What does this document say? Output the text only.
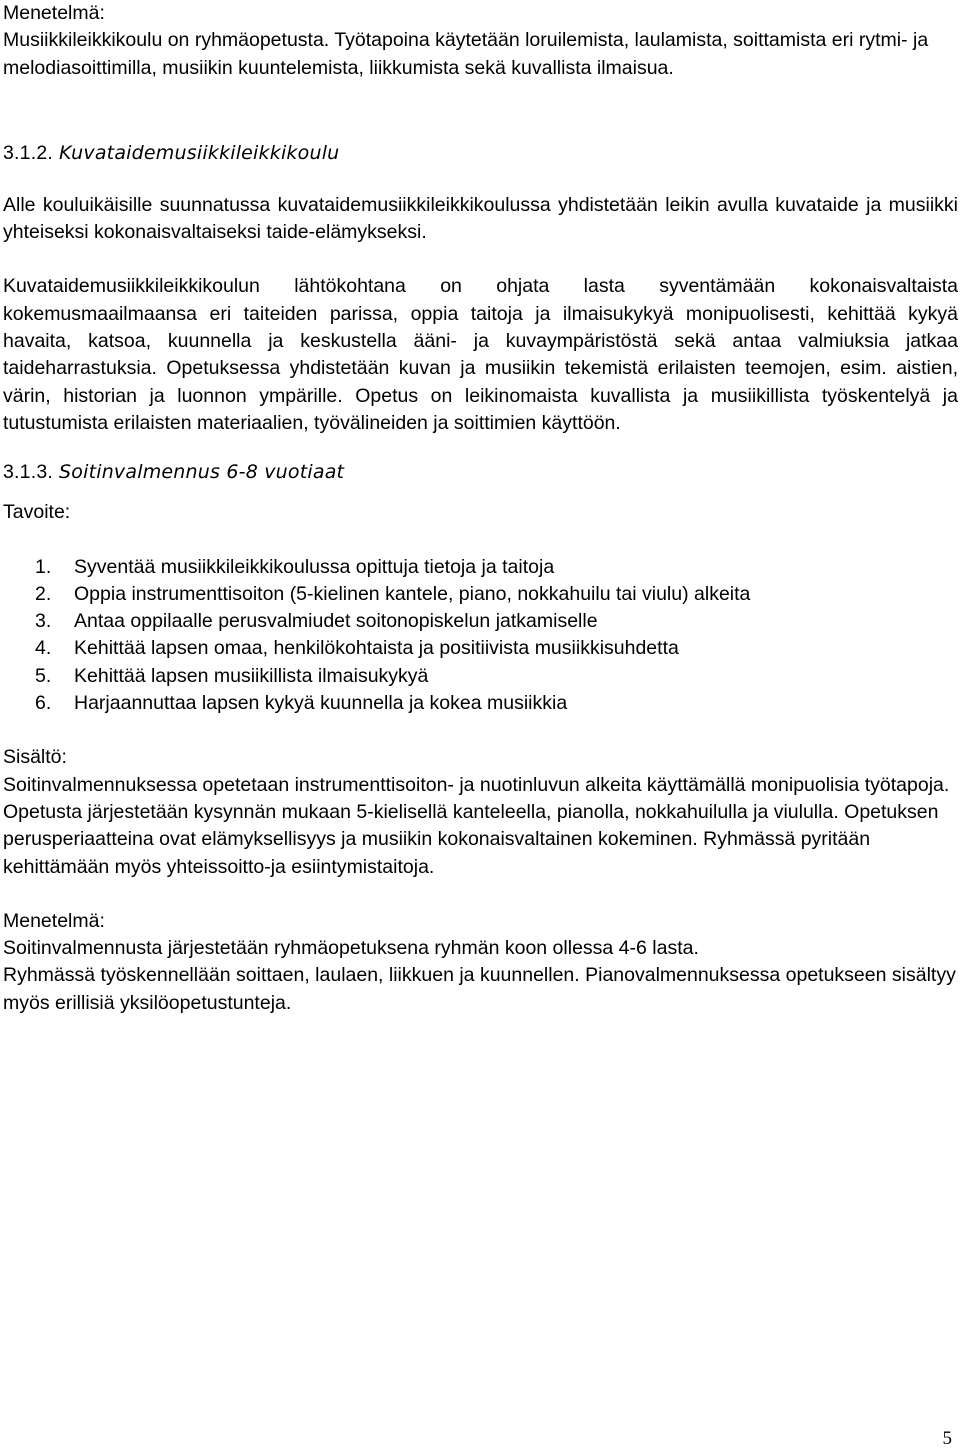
Menetelmä:

Musiikkileikkikoulu on ryhmäopetusta. Työtapoina käytetään loruilemista, laulamista, soittamista eri rytmi- ja melodiasoittimilla, musiikin kuuntelemista, liikkumista sekä kuvallista ilmaisua.

3.1.2. Kuvataidemusiikkileikkikoulu

Alle kouluikäisille suunnatussa kuvataidemusiikkileikkikoulussa yhdistetään leikin avulla kuvataide ja musiikki yhteiseksi kokonaisvaltaiseksi taide-elämykseksi.

Kuvataidemusiikkileikkikoulun lähtökohtana on ohjata lasta syventämään kokonaisvaltaista kokemusmaailmaansa eri taiteiden parissa, oppia taitoja ja ilmaisukykyä monipuolisesti, kehittää kykyä havaita, katsoa, kuunnella ja keskustella ääni- ja kuvaympäristöstä sekä antaa valmiuksia jatkaa taideharrastuksia. Opetuksessa yhdistetään kuvan ja musiikin tekemistä erilaisten teemojen, esim. aistien, värin, historian ja luonnon ympärille. Opetus on leikinomaista kuvallista ja musiikillista työskentelyä ja tutustumista erilaisten materiaalien, työvälineiden ja soittimien käyttöön.

3.1.3. Soitinvalmennus 6-8 vuotiaat

Tavoite:

1. Syventää musiikkileikkikoulussa opittuja tietoja ja taitoja
2. Oppia instrumenttisoiton (5-kielinen kantele, piano, nokkahuilu tai viulu) alkeita
3. Antaa oppilaalle perusvalmiudet soitonopiskelun jatkamiselle
4. Kehittää lapsen omaa, henkilökohtaista ja positiivista musiikkisuhdetta
5. Kehittää lapsen musiikillista ilmaisukykyä
6. Harjaannuttaa lapsen kykyä kuunnella ja kokea musiikkia

Sisältö:

Soitinvalmennuksessa opetetaan instrumenttisoiton- ja nuotinluvun alkeita käyttämällä monipuolisia työtapoja. Opetusta järjestetään kysynnän mukaan 5-kielisellä kanteleella, pianolla, nokkahuilulla ja viululla. Opetuksen perusperiaatteina ovat elämyksellisyys ja musiikin kokonaisvaltainen kokeminen. Ryhmässä pyritään kehittämään myös yhteissoitto-ja esiintymistaitoja.

Menetelmä:

Soitinvalmennusta järjestetään ryhmäopetuksena ryhmän koon ollessa 4-6 lasta.

Ryhmässä työskennellään soittaen, laulaen, liikkuen ja kuunnellen. Pianovalmennuksessa opetukseen sisältyy myös erillisiä yksilöopetustunteja.

5
